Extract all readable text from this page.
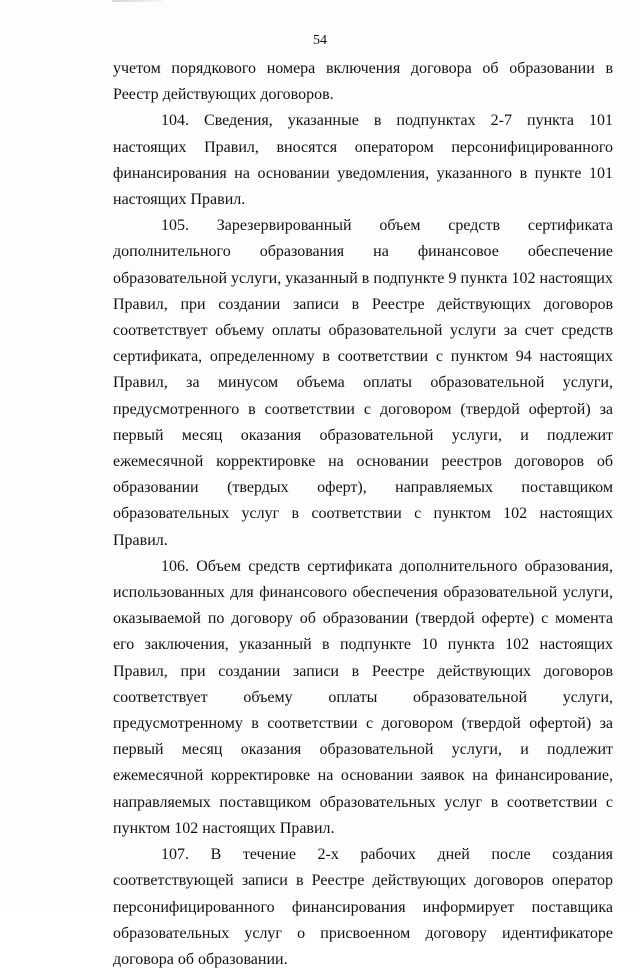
54

учетом порядкового номера включения договора об образовании в Реестр действующих договоров.

104. Сведения, указанные в подпунктах 2-7 пункта 101 настоящих Правил, вносятся оператором персонифицированного финансирования на основании уведомления, указанного в пункте 101 настоящих Правил.

105. Зарезервированный объем средств сертификата дополнительного образования на финансовое обеспечение образовательной услуги, указанный в подпункте 9 пункта 102 настоящих Правил, при создании записи в Реестре действующих договоров соответствует объему оплаты образовательной услуги за счет средств сертификата, определенному в соответствии с пунктом 94 настоящих Правил, за минусом объема оплаты образовательной услуги, предусмотренного в соответствии с договором (твердой офертой) за первый месяц оказания образовательной услуги, и подлежит ежемесячной корректировке на основании реестров договоров об образовании (твердых оферт), направляемых поставщиком образовательных услуг в соответствии с пунктом 102 настоящих Правил.

106. Объем средств сертификата дополнительного образования, использованных для финансового обеспечения образовательной услуги, оказываемой по договору об образовании (твердой оферте) с момента его заключения, указанный в подпункте 10 пункта 102 настоящих Правил, при создании записи в Реестре действующих договоров соответствует объему оплаты образовательной услуги, предусмотренному в соответствии с договором (твердой офертой) за первый месяц оказания образовательной услуги, и подлежит ежемесячной корректировке на основании заявок на финансирование, направляемых поставщиком образовательных услуг в соответствии с пунктом 102 настоящих Правил.

107. В течение 2-х рабочих дней после создания соответствующей записи в Реестре действующих договоров оператор персонифицированного финансирования информирует поставщика образовательных услуг о присвоенном договору идентификаторе договора об образовании.
